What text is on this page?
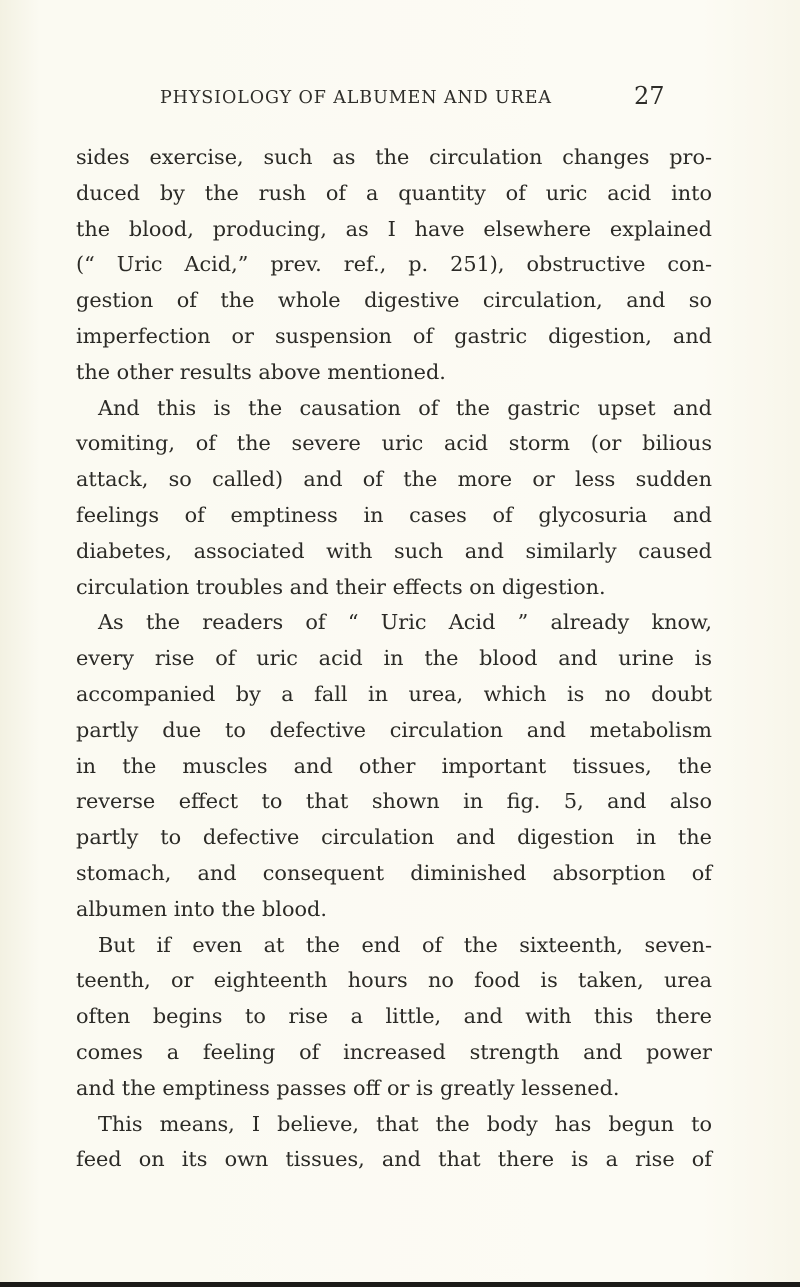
PHYSIOLOGY OF ALBUMEN AND UREA	27
sides exercise, such as the circulation changes pro-
duced by the rush of a quantity of uric acid into
the blood, producing, as I have elsewhere explained
(“ Uric Acid,” prev. ref., p. 251), obstructive con-
gestion of the whole digestive circulation, and so
imperfection or suspension of gastric digestion, and
the other results above mentioned.
And this is the causation of the gastric upset and
vomiting, of the severe uric acid storm (or bilious
attack, so called) and of the more or less sudden
feelings of emptiness in cases of glycosuria and
diabetes, associated with such and similarly caused
circulation troubles and their effects on digestion.
As the readers of “ Uric Acid ” already know,
every rise of uric acid in the blood and urine is
accompanied by a fall in urea, which is no doubt
partly due to defective circulation and metabolism
in the muscles and other important tissues, the
reverse effect to that shown in fig. 5, and also
partly to defective circulation and digestion in the
stomach, and consequent diminished absorption of
albumen into the blood.
But if even at the end of the sixteenth, seven-
teenth, or eighteenth hours no food is taken, urea
often begins to rise a little, and with this there
comes a feeling of increased strength and power
and the emptiness passes off or is greatly lessened.
This means, I believe, that the body has begun to
feed on its own tissues, and that there is a rise of
